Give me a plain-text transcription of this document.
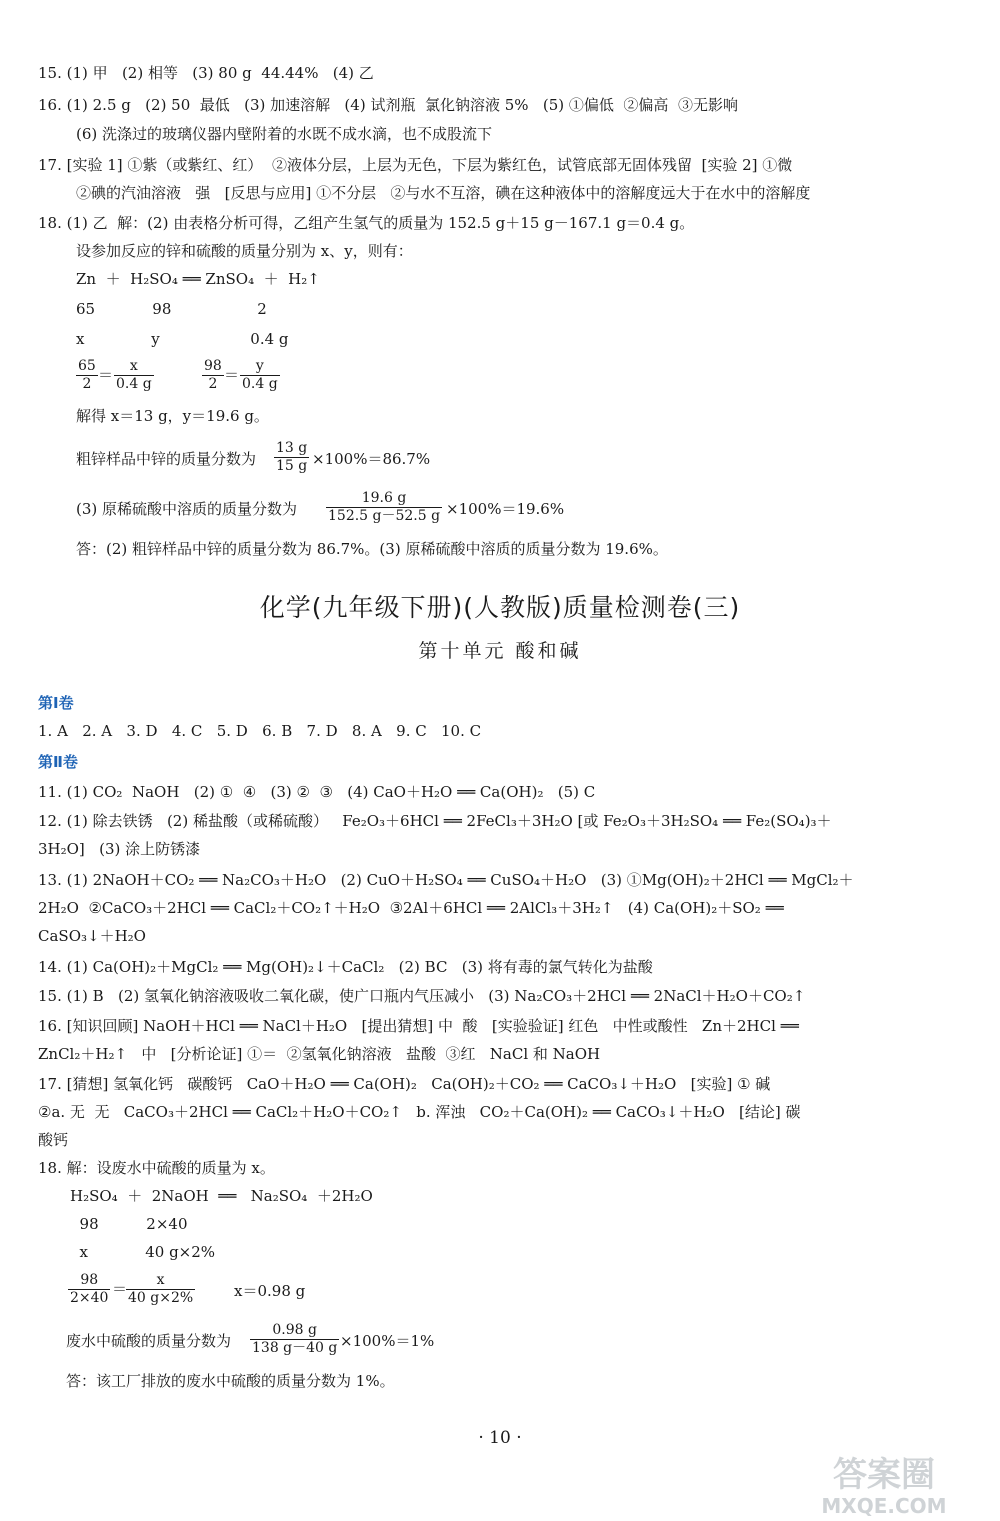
15. (1) 甲   (2) 相等   (3) 80 g  44.44%   (4) 乙
16. (1) 2.5 g   (2) 50  最低   (3) 加速溶解   (4) 试剂瓶  氯化钠溶液 5%   (5) ①偏低  ②偏高  ③无影响
(6) 洗涤过的玻璃仪器内壁附着的水既不成水滴，也不成股流下
17. [实验 1] ①紫（或紫红、红）  ②液体分层，上层为无色，下层为紫红色，试管底部无固体残留  [实验 2] ①微
②碘的汽油溶液   强   [反思与应用] ①不分层   ②与水不互溶，碘在这种液体中的溶解度远大于在水中的溶解度
18. (1) 乙  解：(2) 由表格分析可得，乙组产生氢气的质量为 152.5 g＋15 g－167.1 g＝0.4 g。
设参加反应的锌和硫酸的质量分别为 x、y，则有：
Zn  ＋  H₂SO₄ ══ ZnSO₄  ＋  H₂↑
65            98                  2
x              y                   0.4 g
$\frac{65}{2} = \frac{x}{0.4 g}$	$\frac{98}{2} = \frac{y}{0.4 g}$
解得 x＝13 g，y＝19.6 g。
粗锌样品中锌的质量分数为 $\frac{13 g}{15 g} \times 100\%=86.7\%$
(3) 原稀硫酸中溶质的质量分数为 $\frac{19.6 g}{152.5 g-52.5 g} \times 100\%=19.6\%$
答：(2) 粗锌样品中锌的质量分数为 86.7%。(3) 原稀硫酸中溶质的质量分数为 19.6%。
化学(九年级下册)(人教版)质量检测卷(三)
第十单元 酸和碱
第Ⅰ卷
1. A   2. A   3. D   4. C   5. D   6. B   7. D   8. A   9. C   10. C
第Ⅱ卷
11. (1) CO₂  NaOH   (2) ①  ④   (3) ②  ③   (4) CaO＋H₂O ══ Ca(OH)₂   (5) C
12. (1) 除去铁锈   (2) 稀盐酸（或稀硫酸）   Fe₂O₃＋6HCl ══ 2FeCl₃＋3H₂O [或 Fe₂O₃＋3H₂SO₄ ══ Fe₂(SO₄)₃＋
3H₂O]   (3) 涂上防锈漆
13. (1) 2NaOH＋CO₂ ══ Na₂CO₃＋H₂O   (2) CuO＋H₂SO₄ ══ CuSO₄＋H₂O   (3) ①Mg(OH)₂＋2HCl ══ MgCl₂＋
2H₂O  ②CaCO₃＋2HCl ══ CaCl₂＋CO₂↑＋H₂O  ③2Al＋6HCl ══ 2AlCl₃＋3H₂↑   (4) Ca(OH)₂＋SO₂ ══
CaSO₃↓＋H₂O
14. (1) Ca(OH)₂＋MgCl₂ ══ Mg(OH)₂↓＋CaCl₂   (2) BC   (3) 将有毒的氯气转化为盐酸
15. (1) B   (2) 氢氧化钠溶液吸收二氧化碳，使广口瓶内气压减小   (3) Na₂CO₃＋2HCl ══ 2NaCl＋H₂O＋CO₂↑
16. [知识回顾] NaOH＋HCl ══ NaCl＋H₂O   [提出猜想] 中  酸   [实验验证] 红色   中性或酸性   Zn＋2HCl ══
ZnCl₂＋H₂↑   中   [分析论证] ①＝  ②氢氧化钠溶液   盐酸  ③红   NaCl 和 NaOH
17. [猜想] 氢氧化钙   碳酸钙   CaO＋H₂O ══ Ca(OH)₂   Ca(OH)₂＋CO₂ ══ CaCO₃↓＋H₂O   [实验] ① 碱
②a. 无  无   CaCO₃＋2HCl ══ CaCl₂＋H₂O＋CO₂↑   b. 浑浊   CO₂＋Ca(OH)₂ ══ CaCO₃↓＋H₂O   [结论] 碳
酸钙
18. 解：设废水中硫酸的质量为 x。
H₂SO₄  ＋  2NaOH  ══   Na₂SO₄  ＋2H₂O
98          2×40
x            40 g×2%
$\frac{98}{2\times 40}$ ＝
$\frac{x}{40 g\times 2\%}$	x＝0.98 g
废水中硫酸的质量分数为 $\frac{0.98 g}{138 g-40 g} \times 100\%=1\%$
答：该工厂排放的废水中硫酸的质量分数为 1%。
· 10 ·
答案圈
MXQE.COM
